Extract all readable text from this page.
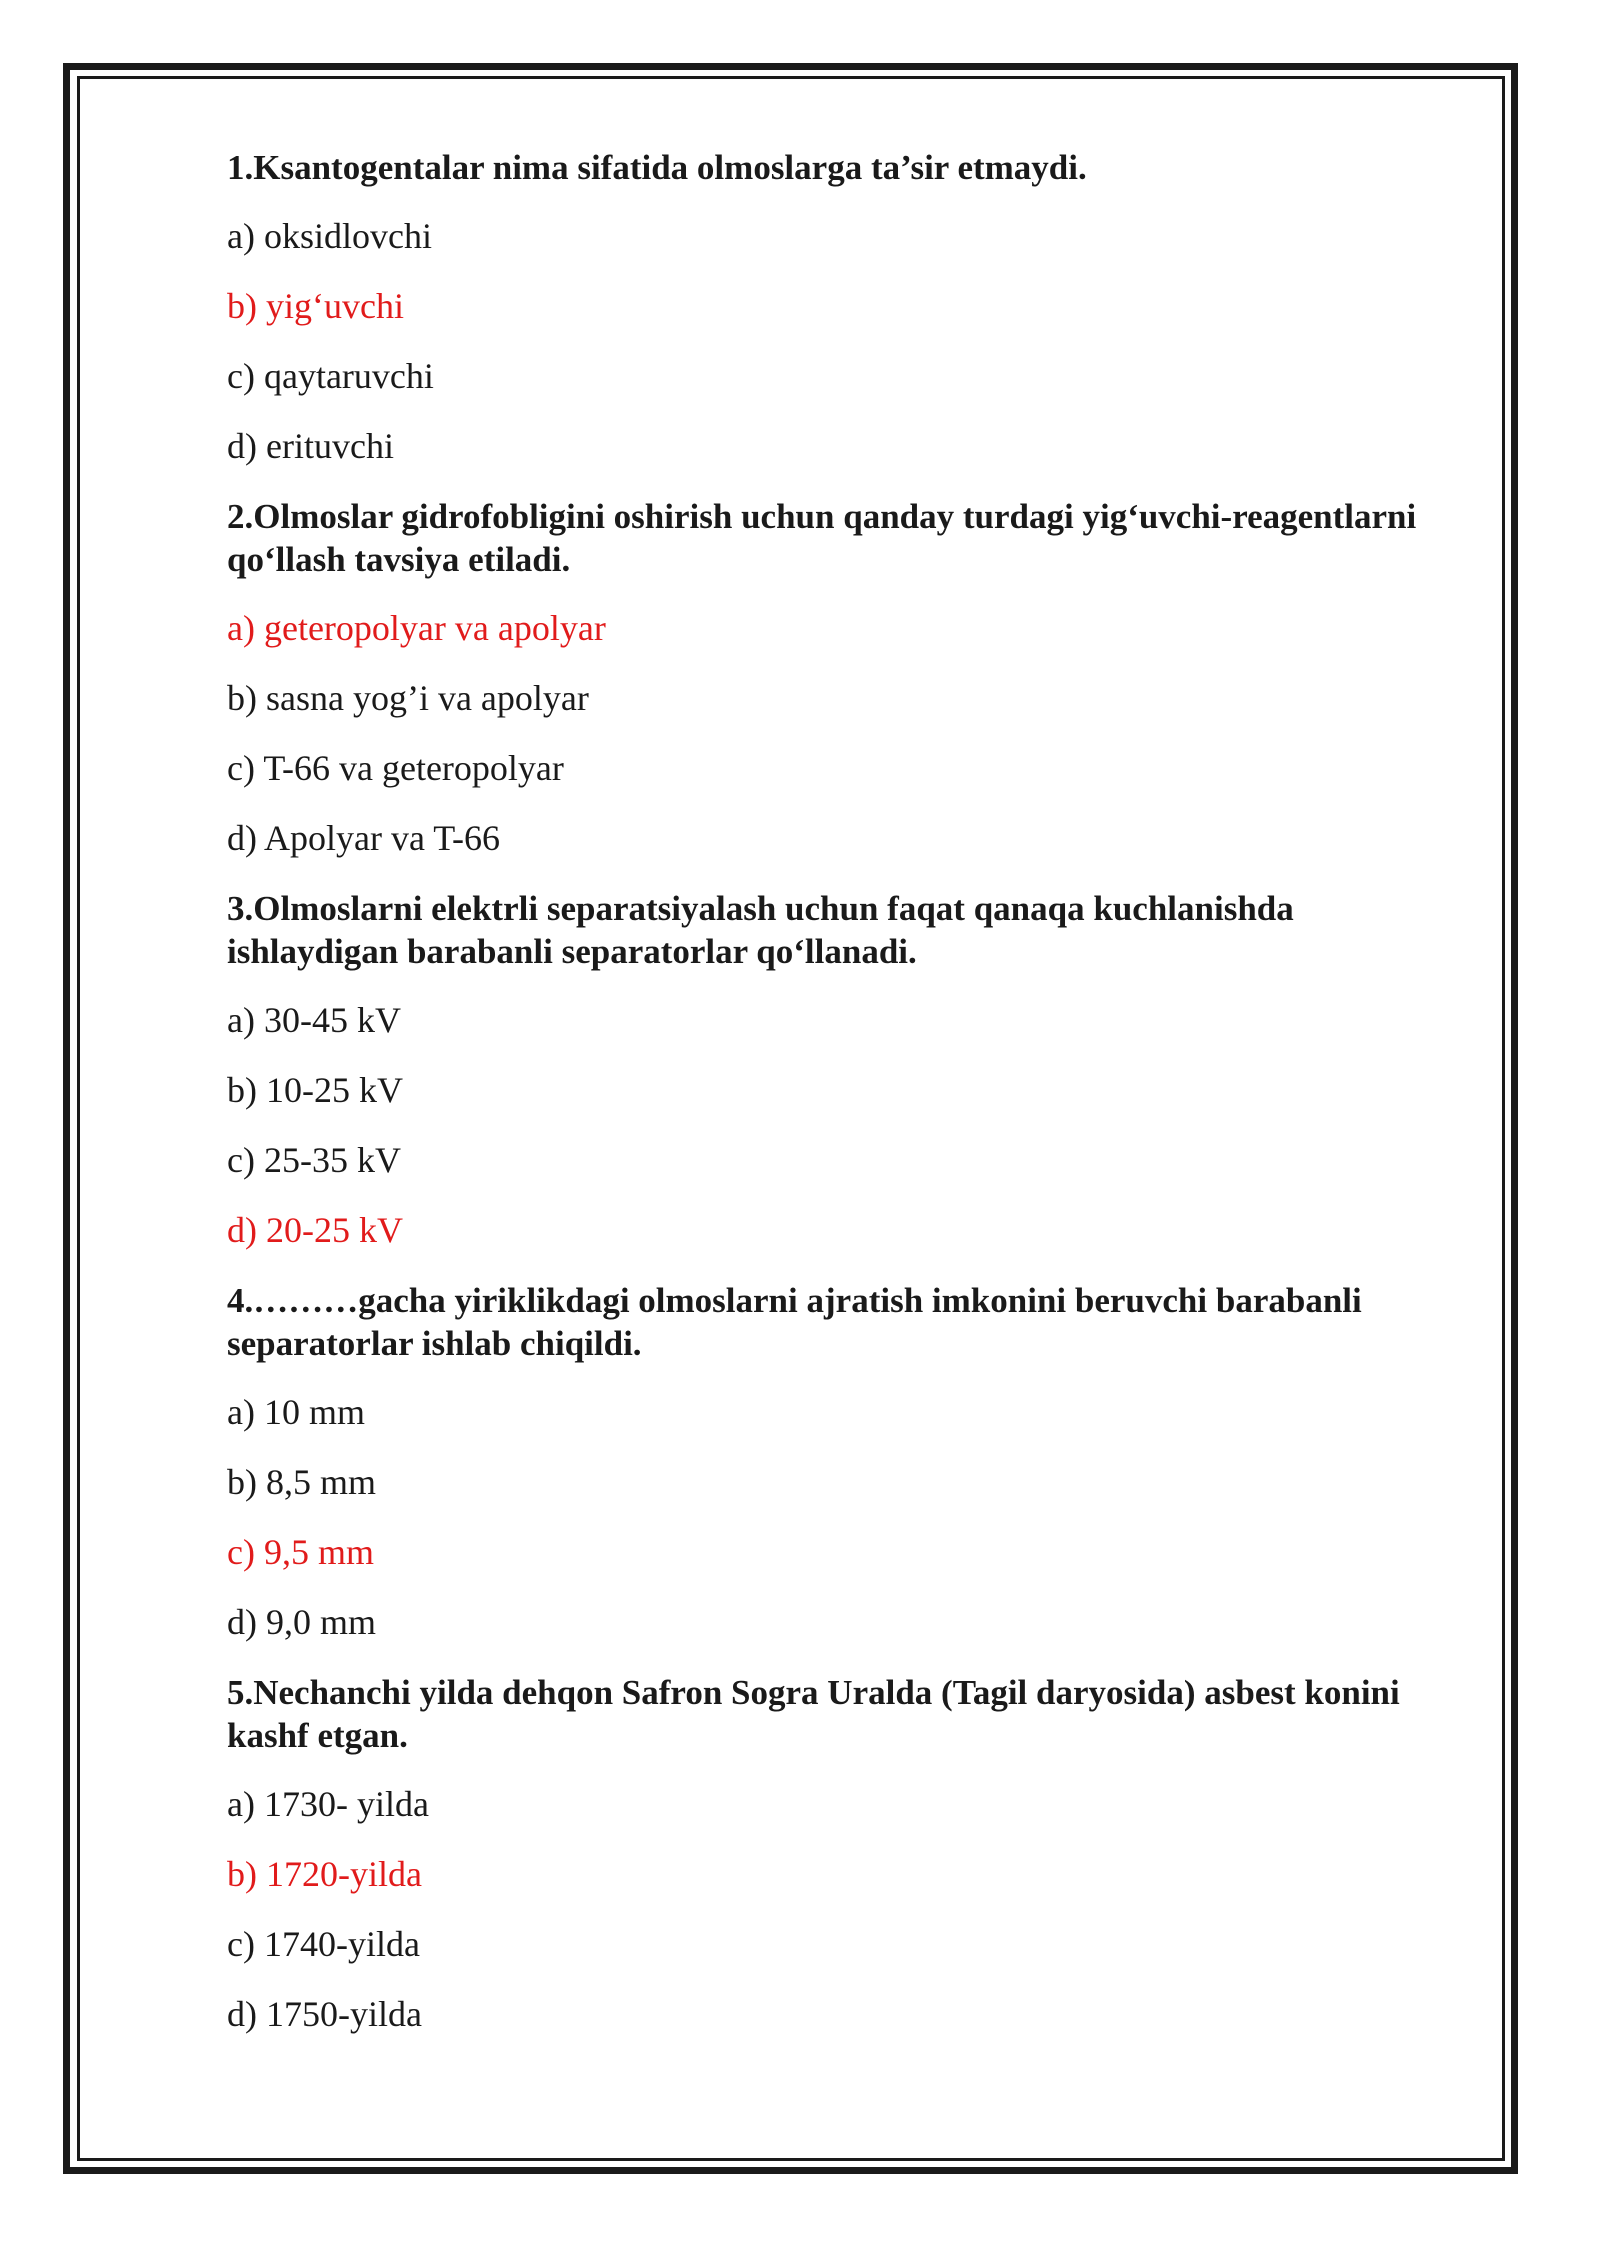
1.Ksantogentalar nima sifatida olmoslarga ta’sir etmaydi.
a) oksidlovchi
b) yig‘uvchi
c) qaytaruvchi
d) erituvchi
2.Olmoslar gidrofobligini oshirish uchun qanday turdagi yig‘uvchi-reagentlarni qo‘llash tavsiya etiladi.
a) geteropolyar va apolyar
b) sasna yog’i va apolyar
c) T-66 va geteropolyar
d) Apolyar va T-66
3.Olmoslarni elektrli separatsiyalash uchun faqat qanaqa kuchlanishda ishlaydigan barabanli separatorlar qo‘llanadi.
a) 30-45 kV
b) 10-25 kV
c) 25-35 kV
d) 20-25 kV
4.………gacha yiriklikdagi olmoslarni ajratish imkonini beruvchi barabanli separatorlar ishlab chiqildi.
a) 10 mm
b) 8,5 mm
c) 9,5 mm
d) 9,0 mm
5.Nechanchi yilda dehqon Safron Sogra Uralda (Tagil daryosida) asbest konini kashf etgan.
a) 1730- yilda
b) 1720-yilda
c) 1740-yilda
d) 1750-yilda
